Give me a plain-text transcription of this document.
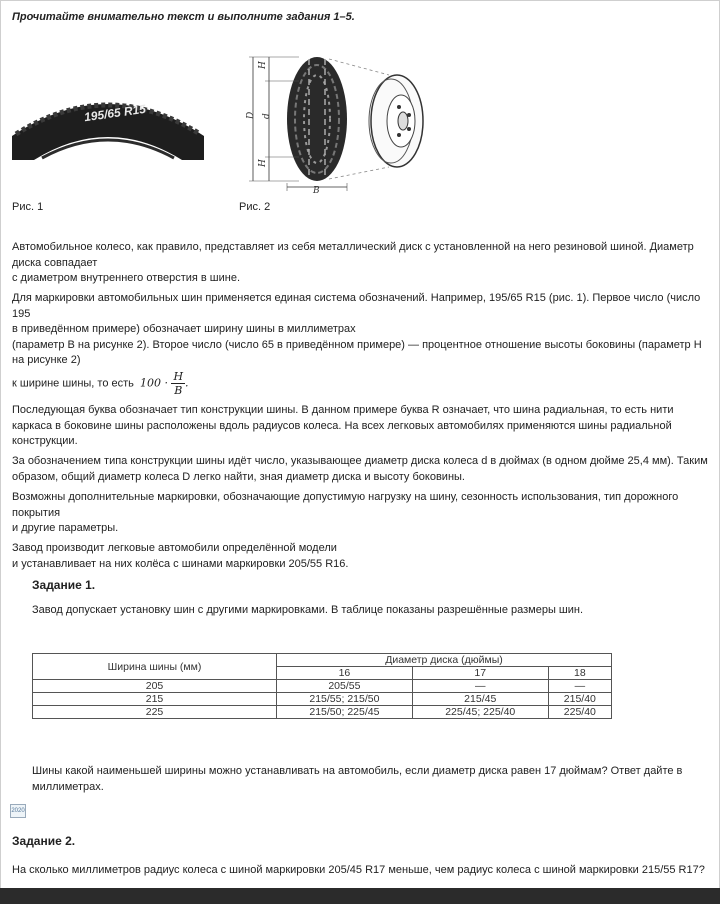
Прочитайте внимательно текст и выполните задания 1–5.
195/65 R15
Рис. 1
H
H
D d
B
Рис. 2

Автомобильное колесо, как правило, представляет из себя металлический диск с установленной на него резиновой шиной. Диаметр диска совпадает

с диаметром внутреннего отверстия в шине.

Для маркировки автомобильных шин применяется единая система обозначений. Например, 195/65 R15 (рис. 1). Первое число (число 195

в приведённом примере) обозначает ширину шины в миллиметрах

(параметр B на рисунке 2). Второе число (число 65 в приведённом примере) — процентное отношение высоты боковины (параметр H на рисунке 2)

к ширине шины, то есть $100 \cdot \frac{H}{B}$ .

Последующая буква обозначает тип конструкции шины. В данном примере буква R означает, что шина радиальная, то есть нити каркаса в боковине шины расположены вдоль радиусов колеса. На всех легковых автомобилях применяются шины радиальной конструкции.

За обозначением типа конструкции шины идёт число, указывающее диаметр диска колеса d в дюймах (в одном дюйме 25,4 мм). Таким образом, общий диаметр колеса D легко найти, зная диаметр диска и высоту боковины.

Возможны дополнительные маркировки, обозначающие допустимую нагрузку на шину, сезонность использования, тип дорожного покрытия

и другие параметры.

Завод производит легковые автомобили определённой модели

и устанавливает на них колёса с шинами маркировки 205/55 R16.

Задание 1.

Завод допускает установку шин с другими маркировками. В таблице показаны разрешённые размеры шин.

Ширина шины (мм)	Диаметр диска (дюймы)		
	16	17	18
205	205/55	—	—
215	215/55; 215/50	215/45	215/40
225	215/50; 225/45	225/45; 225/40	225/40

Шины какой наименьшей ширины можно устанавливать на автомобиль, если диаметр диска равен 17 дюймам? Ответ дайте в миллиметрах.

2020
Задание 2.

На сколько миллиметров радиус колеса с шиной маркировки 205/45 R17 меньше, чем радиус колеса с шиной маркировки 215/55 R17?
